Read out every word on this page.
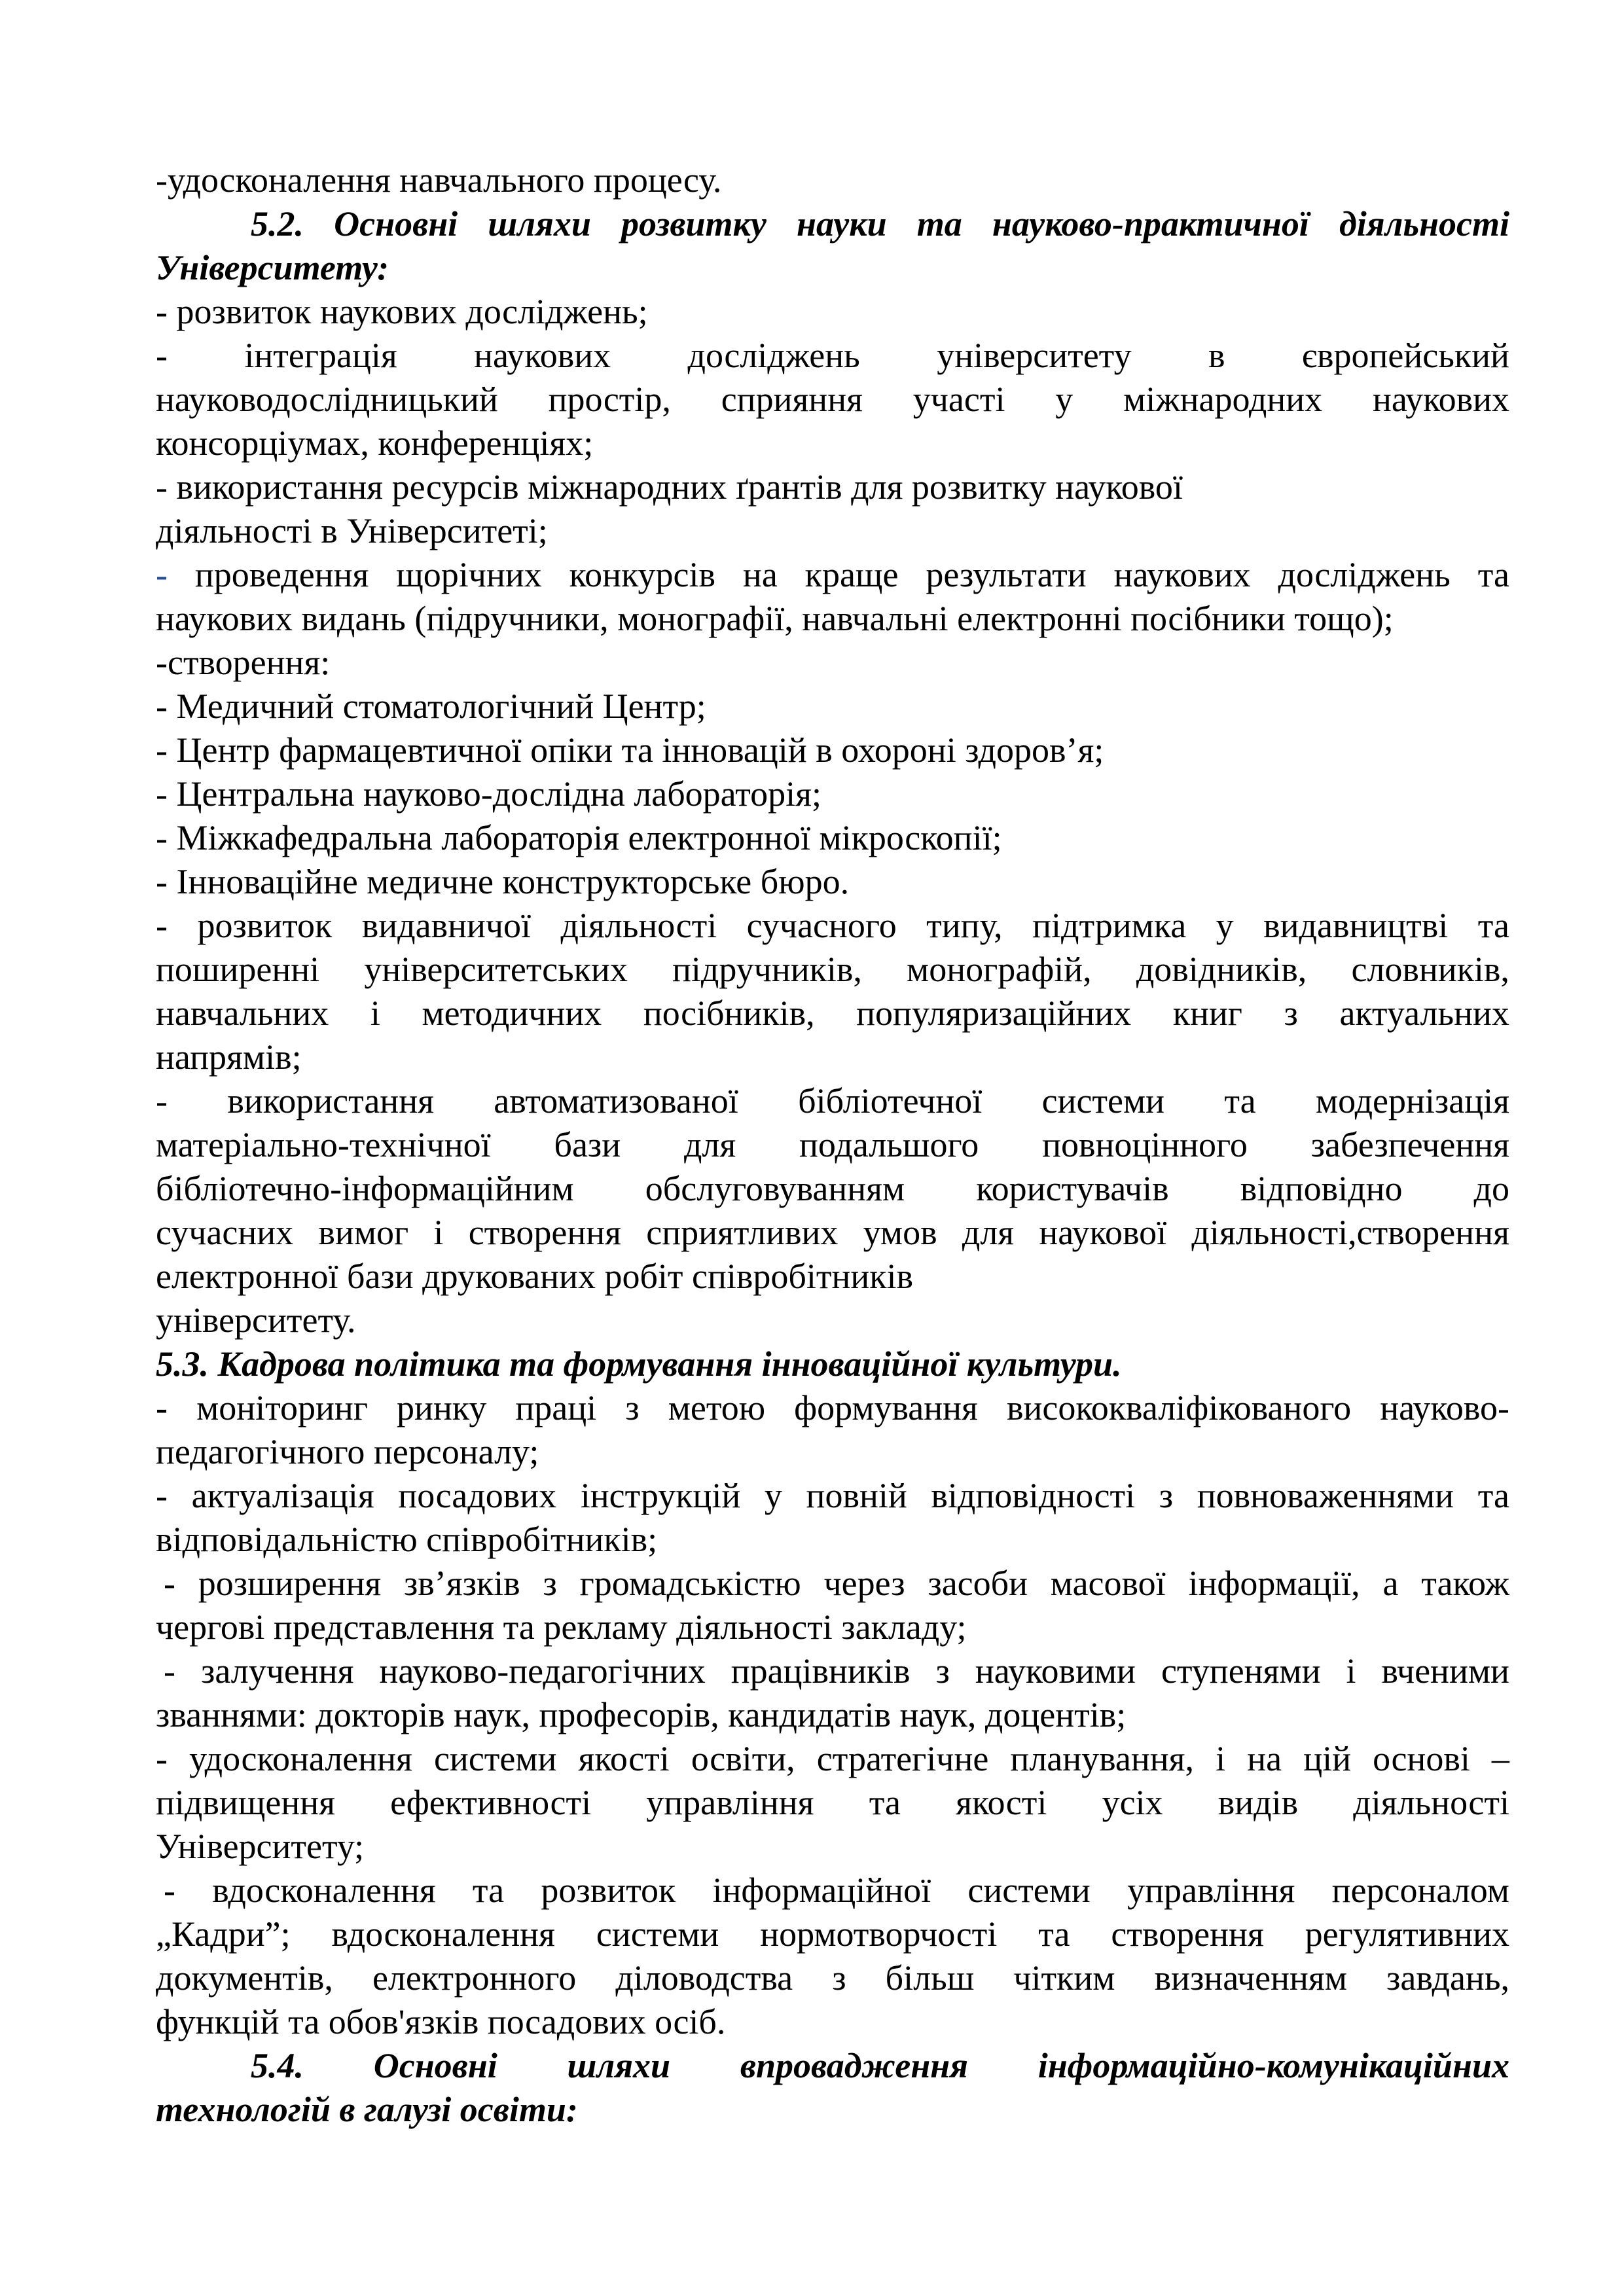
-удосконалення навчального процесу.
5.2. Основні шляхи розвитку науки та науково-практичної діяльності
Університету:
- розвиток наукових досліджень;
- інтеграція наукових досліджень університету в європейський
науководослідницький простір, сприяння участі у міжнародних наукових
консорціумах, конференціях;
- використання ресурсів міжнародних ґрантів для розвитку наукової
діяльності в Університеті;
- проведення щорічних конкурсів на краще результати наукових досліджень та
наукових видань (підручники, монографії, навчальні електронні посібники тощо);
-створення:
- Медичний стоматологічний Центр;
- Центр фармацевтичної опіки та інновацій в охороні здоров’я;
- Центральна науково-дослідна лабораторія;
- Міжкафедральна лабораторія електронної мікроскопії;
- Інноваційне медичне конструкторське бюро.
- розвиток видавничої діяльності сучасного типу, підтримка у видавництві та
поширенні університетських підручників, монографій, довідників, словників,
навчальних і методичних посібників, популяризаційних книг з актуальних
напрямів;
- використання автоматизованої бібліотечної системи та модернізація
матеріально-технічної бази для подальшого повноцінного забезпечення
бібліотечно-інформаційним обслуговуванням користувачів відповідно до
сучасних вимог і створення сприятливих умов для наукової діяльності,створення
електронної бази друкованих робіт співробітників
університету.
5.3. Кадрова політика та формування інноваційної культури.
- моніторинг ринку праці з метою формування висококваліфікованого науково-
педагогічного персоналу;
- актуалізація посадових інструкцій у повній відповідності з повноваженнями та
відповідальністю співробітників;
- розширення зв’язків з громадськістю через засоби масової інформації, а також
чергові представлення та рекламу діяльності закладу;
- залучення науково-педагогічних працівників з науковими ступенями і вченими
званнями: докторів наук, професорів, кандидатів наук, доцентів;
- удосконалення системи якості освіти, стратегічне планування, і на цій основі –
підвищення ефективності управління та якості усіх видів діяльності
Університету;
- вдосконалення та розвиток інформаційної системи управління персоналом
„Кадри”; вдосконалення системи нормотворчості та створення регулятивних
документів, електронного діловодства з більш чітким визначенням завдань,
функцій та обов'язків посадових осіб.
5.4. Основні шляхи впровадження інформаційно-комунікаційних
технологій в галузі освіти:
